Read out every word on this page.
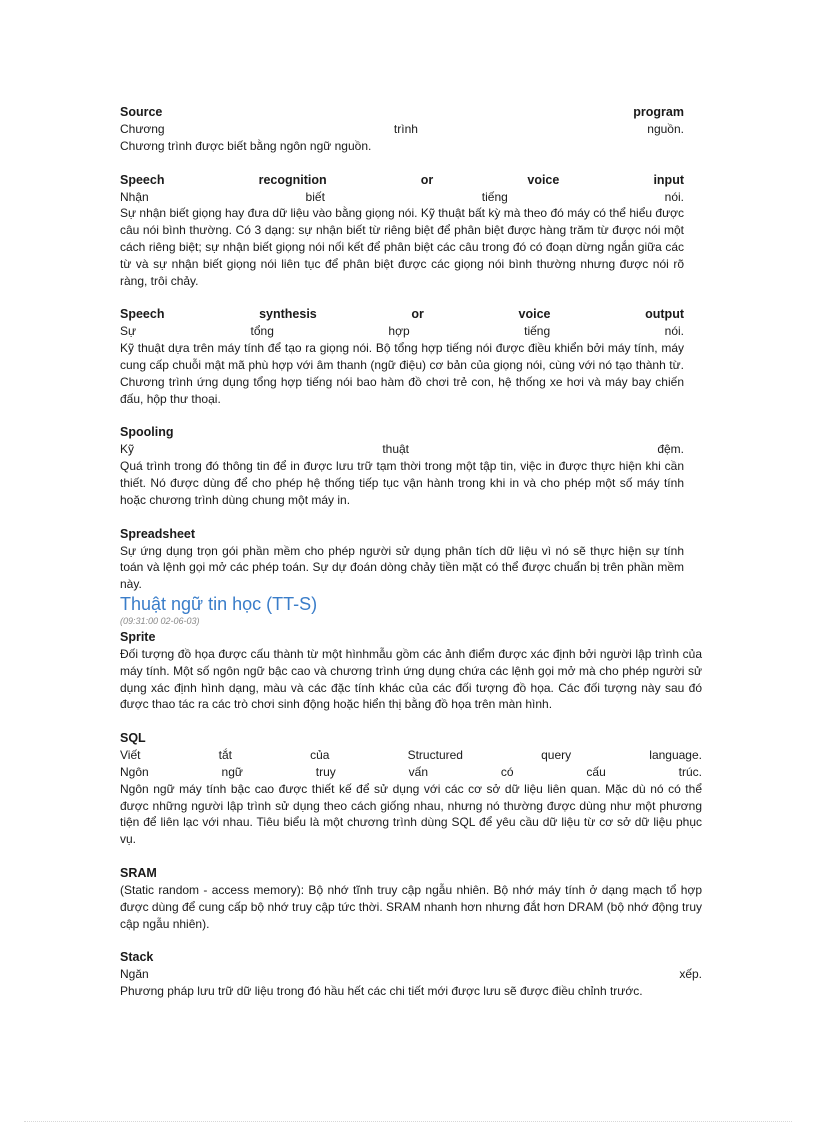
Source program
Chương trình nguồn.
Chương trình được biết bằng ngôn ngữ nguồn.
Speech recognition or voice input
Nhận biết tiếng nói.
Sự nhận biết giọng hay đưa dữ liệu vào bằng giọng nói. Kỹ thuật bất kỳ mà theo đó máy có thể hiểu được câu nói bình thường. Có 3 dạng: sự nhận biết từ riêng biệt để phân biệt được hàng trăm từ được nói một cách riêng biệt; sự nhận biết giọng nói nối kết để phân biệt các câu trong đó có đoạn dừng ngắn giữa các từ và sự nhận biết giọng nói liên tục để phân biệt được các giọng nói bình thường nhưng được nói rõ ràng, trôi chảy.
Speech synthesis or voice output
Sự tổng hợp tiếng nói.
Kỹ thuật dựa trên máy tính để tạo ra giọng nói. Bộ tổng hợp tiếng nói được điều khiển bởi máy tính, máy cung cấp chuỗi mật mã phù hợp với âm thanh (ngữ điệu) cơ bản của giọng nói, cùng với nó tạo thành từ. Chương trình ứng dụng tổng hợp tiếng nói bao hàm đồ chơi trẻ con, hệ thống xe hơi và máy bay chiến đấu, hộp thư thoại.
Spooling
Kỹ thuật đệm.
Quá trình trong đó thông tin để in được lưu trữ tạm thời trong một tập tin, việc in được thực hiện khi cần thiết. Nó được dùng để cho phép hệ thống tiếp tục vận hành trong khi in và cho phép một số máy tính hoặc chương trình dùng chung một máy in.
Spreadsheet
Sự ứng dụng trọn gói phần mềm cho phép người sử dụng phân tích dữ liệu vì nó sẽ thực hiện sự tính toán và lệnh gọi mở các phép toán. Sự dự đoán dòng chảy tiền mặt có thể được chuẩn bị trên phần mềm này.
Thuật ngữ tin học (TT-S)
(09:31:00 02-06-03)
Sprite
Đối tượng đồ họa được cấu thành từ một hìnhmẫu gồm các ảnh điểm được xác định bởi người lập trình của máy tính. Một số ngôn ngữ bậc cao và chương trình ứng dụng chứa các lệnh gọi mở mà cho phép người sử dụng xác định hình dạng, màu và các đặc tính khác của các đối tượng đồ họa. Các đối tượng này sau đó được thao tác ra các trò chơi sinh động hoặc hiển thị bằng đồ họa trên màn hình.
SQL
Viết tắt của Structured query language.
Ngôn ngữ truy vấn có cấu trúc.
Ngôn ngữ máy tính bậc cao được thiết kế để sử dụng với các cơ sở dữ liệu liên quan. Mặc dù nó có thể được những người lập trình sử dụng theo cách giống nhau, nhưng nó thường được dùng như một phương tiện để liên lạc với nhau. Tiêu biểu là một chương trình dùng SQL để yêu cầu dữ liệu từ cơ sở dữ liệu phục vụ.
SRAM
(Static random - access memory): Bộ nhớ tĩnh truy cập ngẫu nhiên. Bộ nhớ máy tính ở dạng mạch tổ hợp được dùng để cung cấp bộ nhớ truy cập tức thời. SRAM nhanh hơn nhưng đắt hơn DRAM (bộ nhớ động truy cập ngẫu nhiên).
Stack
Ngăn xếp.
Phương pháp lưu trữ dữ liệu trong đó hầu hết các chi tiết mới được lưu sẽ được điều chỉnh trước.
